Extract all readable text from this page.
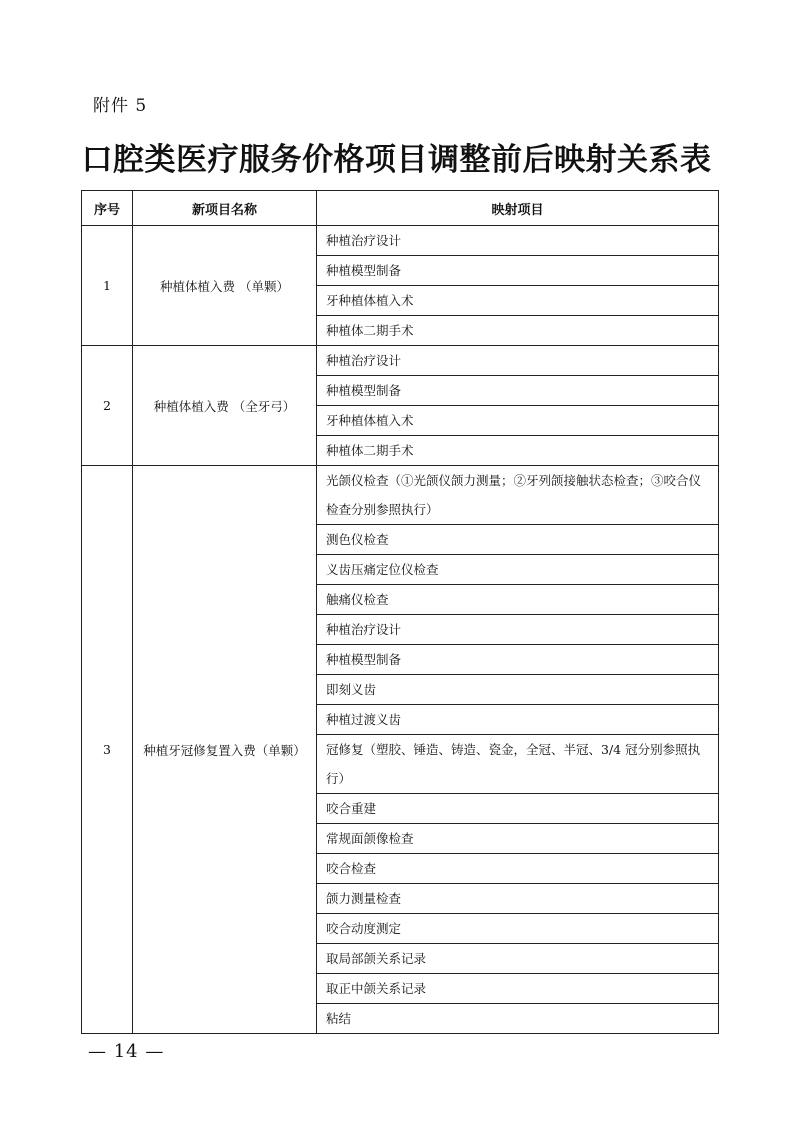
附件 5
口腔类医疗服务价格项目调整前后映射关系表
序号	新项目名称	映射项目
1	种植体植入费 （单颗）	种植治疗设计
		种植模型制备
		牙种植体植入术
		种植体二期手术
2	种植体植入费 （全牙弓）	种植治疗设计
		种植模型制备
		牙种植体植入术
		种植体二期手术
3	种植牙冠修复置入费（单颗）	光颌仪检查（①光颌仪颌力测量；②牙列颌接触状态检查；③咬合仪检查分别参照执行）
		测色仪检查
		义齿压痛定位仪检查
		触痛仪检查
		种植治疗设计
		种植模型制备
		即刻义齿
		种植过渡义齿
		冠修复（塑胶、锤造、铸造、瓷金，全冠、半冠、3/4 冠分别参照执行）
		咬合重建
		常规面颌像检查
		咬合检查
		颌力测量检查
		咬合动度测定
		取局部颌关系记录
		取正中颌关系记录
		粘结
— 14 —
